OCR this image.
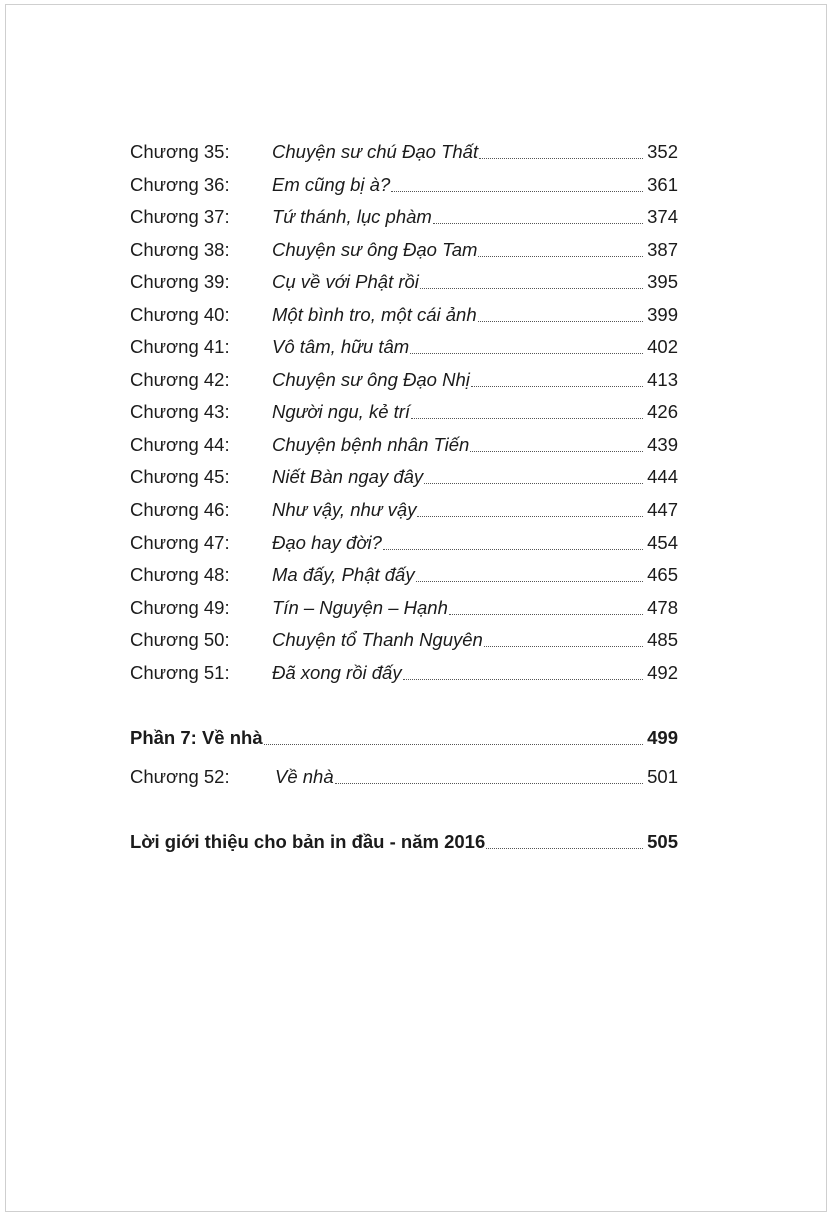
Chương 35:	Chuyện sư chú Đạo Thất	352
Chương 36:	Em cũng bị à?	361
Chương 37:	Tứ thánh, lục phàm	374
Chương 38:	Chuyện sư ông Đạo Tam	387
Chương 39:	Cụ về với Phật rồi	395
Chương 40:	Một bình tro, một cái ảnh	399
Chương 41:	Vô tâm, hữu tâm	402
Chương 42:	Chuyện sư ông Đạo Nhị	413
Chương 43:	Người ngu, kẻ trí	426
Chương 44:	Chuyện bệnh nhân Tiến	439
Chương 45:	Niết Bàn ngay đây	444
Chương 46:	Như vậy, như vậy	447
Chương 47:	Đạo hay đời?	454
Chương 48:	Ma đấy, Phật đấy	465
Chương 49:	Tín – Nguyện – Hạnh	478
Chương 50:	Chuyện tổ Thanh Nguyên	485
Chương 51:	Đã xong rồi đấy	492
Phần 7: Về nhà	499
Chương 52:	Về nhà	501
Lời giới thiệu cho bản in đầu - năm 2016	505
